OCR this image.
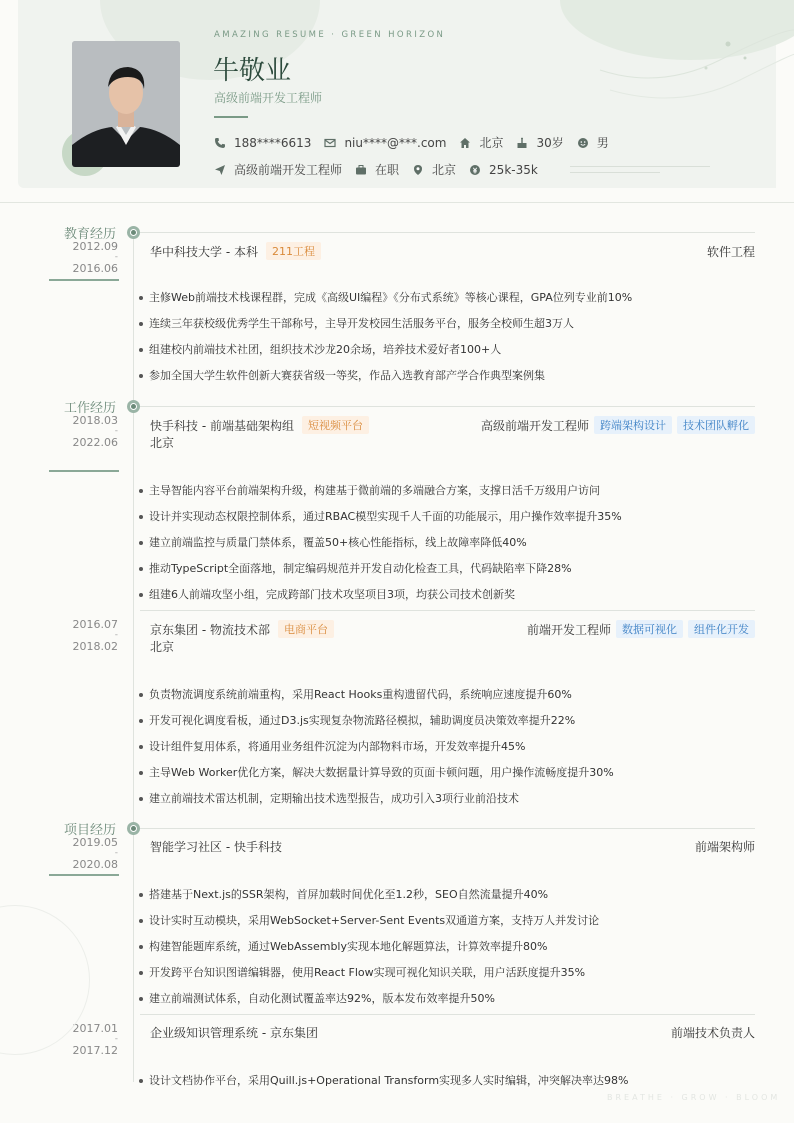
AMAZING RESUME · GREEN HORIZON
牛敬业
高级前端开发工程师
188****6613	niu****@***.com	北京	30岁	男
高级前端开发工程师	在职	北京	25k-35k
教育经历
2012.09
-
2016.06
华中科技大学 - 本科	211工程	软件工程
主修Web前端技术栈课程群，完成《高级UI编程》《分布式系统》等核心课程，GPA位列专业前10%
连续三年获校级优秀学生干部称号，主导开发校园生活服务平台，服务全校师生超3万人
组建校内前端技术社团，组织技术沙龙20余场，培养技术爱好者100+人
参加全国大学生软件创新大赛获省级一等奖，作品入选教育部产学合作典型案例集
工作经历
2018.03
-
2022.06
快手科技 - 前端基础架构组	短视频平台	高级前端开发工程师	跨端架构设计	技术团队孵化
北京
主导智能内容平台前端架构升级，构建基于微前端的多端融合方案，支撑日活千万级用户访问
设计并实现动态权限控制体系，通过RBAC模型实现千人千面的功能展示，用户操作效率提升35%
建立前端监控与质量门禁体系，覆盖50+核心性能指标，线上故障率降低40%
推动TypeScript全面落地，制定编码规范并开发自动化检查工具，代码缺陷率下降28%
组建6人前端攻坚小组，完成跨部门技术攻坚项目3项，均获公司技术创新奖
2016.07
-
2018.02
京东集团 - 物流技术部	电商平台	前端开发工程师	数据可视化	组件化开发
北京
负责物流调度系统前端重构，采用React Hooks重构遗留代码，系统响应速度提升60%
开发可视化调度看板，通过D3.js实现复杂物流路径模拟，辅助调度员决策效率提升22%
设计组件复用体系，将通用业务组件沉淀为内部物料市场，开发效率提升45%
主导Web Worker优化方案，解决大数据量计算导致的页面卡顿问题，用户操作流畅度提升30%
建立前端技术雷达机制，定期输出技术选型报告，成功引入3项行业前沿技术
项目经历
2019.05
-
2020.08
智能学习社区 - 快手科技	前端架构师
搭建基于Next.js的SSR架构，首屏加载时间优化至1.2秒，SEO自然流量提升40%
设计实时互动模块，采用WebSocket+Server-Sent Events双通道方案，支持万人并发讨论
构建智能题库系统，通过WebAssembly实现本地化解题算法，计算效率提升80%
开发跨平台知识图谱编辑器，使用React Flow实现可视化知识关联，用户活跃度提升35%
建立前端测试体系，自动化测试覆盖率达92%，版本发布效率提升50%
2017.01
-
2017.12
企业级知识管理系统 - 京东集团	前端技术负责人
设计文档协作平台，采用Quill.js+Operational Transform实现多人实时编辑，冲突解决率达98%
BREATHE · GROW · BLOOM
